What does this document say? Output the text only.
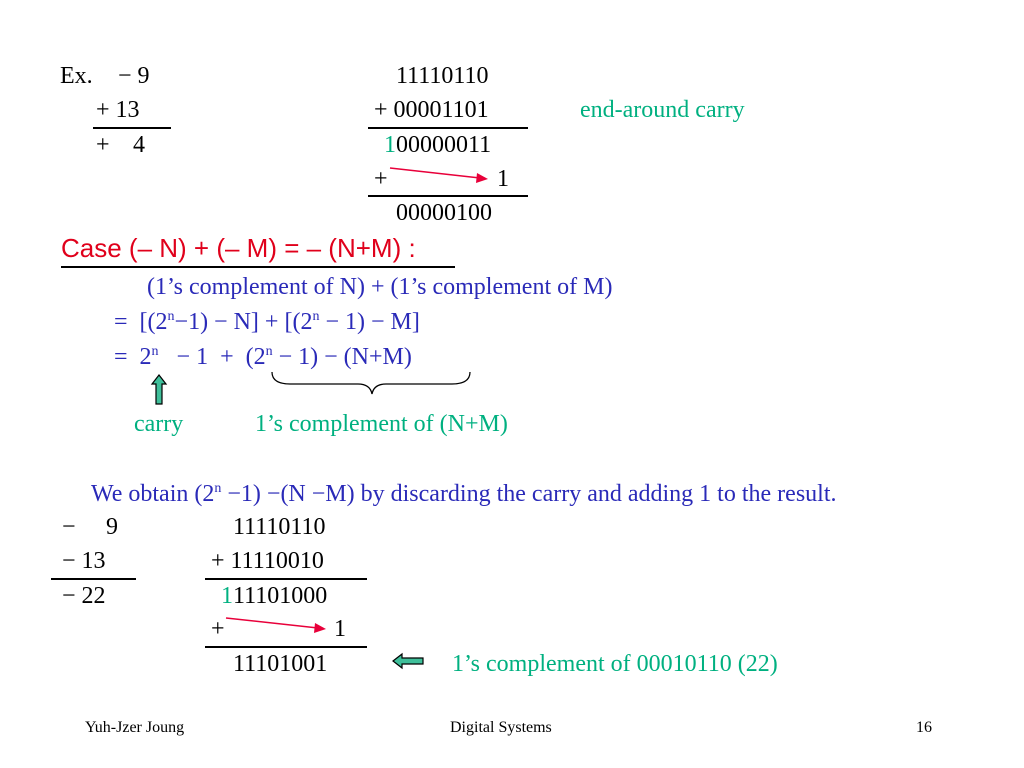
Ex. − 9
+ 13
+ 4
11110110
+ 00001101
1 00000011
+	1
00000100
end-around carry
Case (– N) + (– M) = – (N+M) :
(1’s complement of N) + (1’s complement of M)
=  $[(2^n-1) - N] + [(2^n - 1) - M]$
=  $2^n - 1 + (2^n - 1) - (N+M)$
carry	1’s complement of (N+M)
We obtain $(2^n -1) -(N -M)$ by discarding the carry and adding 1 to the result.
− 9
− 13
− 22
11110110
+ 11110010
1 11101000
+	1
11101001	1’s complement of 00010110 (22)
Yuh-Jzer Joung	Digital Systems	16
